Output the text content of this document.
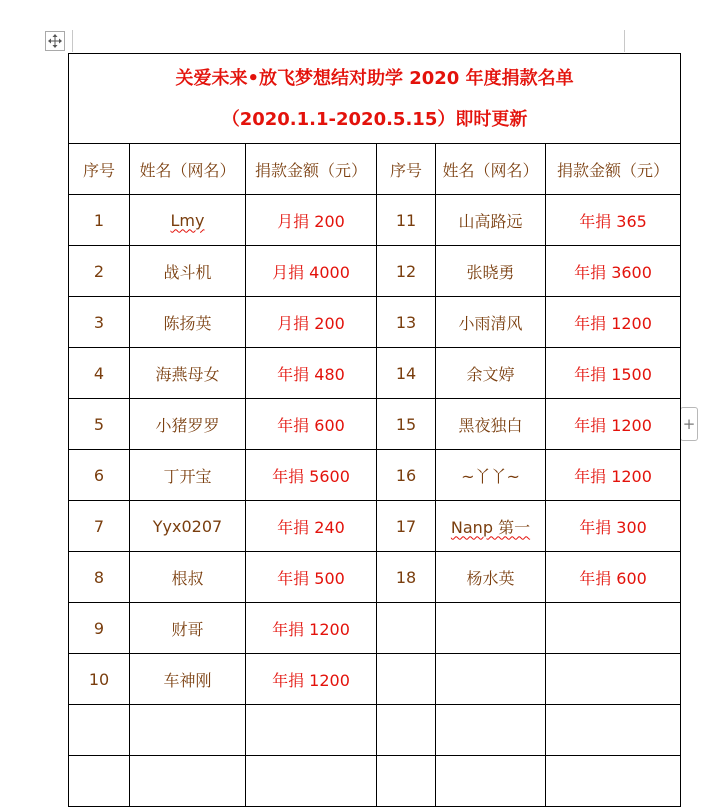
+
关爱未来•放飞梦想结对助学 2020 年度捐款名单
（2020.1.1-2020.5.15）即时更新					

序号	姓名（网名）	捐款金额（元）	序号	姓名（网名）	捐款金额（元）
1	Lmy	月捐 200	11	山高路远	年捐 365
2	战斗机	月捐 4000	12	张晓勇	年捐 3600
3	陈扬英	月捐 200	13	小雨清风	年捐 1200
4	海燕母女	年捐 480	14	余文婷	年捐 1500
5	小猪罗罗	年捐 600	15	黑夜独白	年捐 1200
6	丁开宝	年捐 5600	16	~丫丫~	年捐 1200
7	Yyx0207	年捐 240	17	Nanp 第一	年捐 300
8	根叔	年捐 500	18	杨水英	年捐 600
9	财哥	年捐 1200			
10	车神刚	年捐 1200			
